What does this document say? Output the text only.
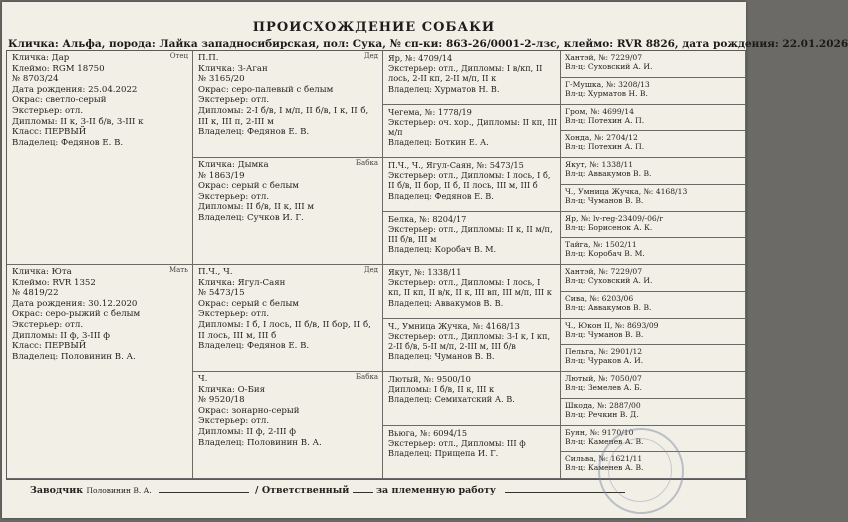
ПРОИСХОЖДЕНИЕ СОБАКИ
Кличка: Альфа, порода: Лайка западносибирская, пол: Сука, № сп-ки: 863-26/0001-2-лзс, клеймо: RVR 8826, дата рождения: 22.01.2026
Отец
Кличка: Дар
Клеймо: RGM 18750
№ 8703/24
Дата рождения: 25.04.2022
Окрас: светло-серый
Экстерьер: отл.
Дипломы: II к, 3-II б/в, 3-III к
Класс: ПЕРВЫЙ
Владелец: Федянов Е. В.
Мать
Кличка: Юта
Клеймо: RVR 1352
№ 4819/22
Дата рождения: 30.12.2020
Окрас: серо-рыжий с белым
Экстерьер: отл.
Дипломы: II ф, 3-III ф
Класс: ПЕРВЫЙ
Владелец: Половинин В. А.
Дед
П.П.
Кличка: З-Аган
№ 3165/20
Окрас: серо-палевый с белым
Экстерьер: отл.
Дипломы: 2-I б/в, I м/п, II б/в, I к, II б,
III к, III п, 2-III м
Владелец: Федянов Е. В.
Бабка
Кличка: Дымка
№ 1863/19
Окрас: серый с белым
Экстерьер: отл.
Дипломы: II б/в, II к, III м
Владелец: Сучков И. Г.
Дед
П.Ч., Ч.
Кличка: Ягул-Саян
№ 5473/15
Окрас: серый с белым
Экстерьер: отл.
Дипломы: I б, I лось, II б/в, II бор, II б,
II лось, III м, III б
Владелец: Федянов Е. В.
Бабка
Ч.
Кличка: О-Бия
№ 9520/18
Окрас: зонарно-серый
Экстерьер: отл.
Дипломы: II ф, 2-III ф
Владелец: Половинин В. А.
Яр, №: 4709/14
Экстерьер: отл., Дипломы: I в/кп, II
лось, 2-II кп, 2-II м/п, II к
Владелец: Хурматов Н. В.
Чегема, №: 1778/19
Экстерьер: оч. хор., Дипломы: II кп, III
м/п
Владелец: Боткин Е. А.
П.Ч., Ч., Ягул-Саян, №: 5473/15
Экстерьер: отл., Дипломы: I лось, I б,
II б/в, II бор, II б, II лось, III м, III б
Владелец: Федянов Е. В.
Белка, №: 8204/17
Экстерьер: отл., Дипломы: II к, II м/п,
III б/в, III м
Владелец: Коробач В. М.
Якут, №: 1338/11
Экстерьер: отл., Дипломы: I лось, I
кп, II кп, II в/к, II к, III вп, III м/п, III к
Владелец: Аввакумов В. В.
Ч., Умница Жучка, №: 4168/13
Экстерьер: отл., Дипломы: 3-I к, I кп,
2-II б/в, 5-II м/п, 2-III м, III б/в
Владелец: Чуманов В. В.
Лютый, №: 9500/10
Дипломы: I б/в, II к, III к
Владелец: Семихатский А. В.
Вьюга, №: 6094/15
Экстерьер: отл., Дипломы: III ф
Владелец: Прищепа И. Г.
Хантэй, №: 7229/07
Вл-ц: Суховский А. И.
Г-Мушка, №: 3208/13
Вл-ц: Хурматов Н. В.
Гром, №: 4699/14
Вл-ц: Потехин А. П.
Хонда, №: 2704/12
Вл-ц: Потехин А. П.
Якут, №: 1338/11
Вл-ц: Аввакумов В. В.
Ч., Умница Жучка, №: 4168/13
Вл-ц: Чуманов В. В.
Яр, №: lv-reg-23409/-06/г
Вл-ц: Борисенок А. К.
Тайга, №: 1502/11
Вл-ц: Коробач В. М.
Хантэй, №: 7229/07
Вл-ц: Суховский А. И.
Сива, №: 6203/06
Вл-ц: Аввакумов В. В.
Ч., Юкон II, №: 8693/09
Вл-ц: Чуманов В. В.
Пельга, №: 2901/12
Вл-ц: Чураков А. И.
Лютый, №: 7050/07
Вл-ц: Земелев А. Б.
Шкода, №: 2887/00
Вл-ц: Речкин В. Д.
Буян, №: 9170/10
Вл-ц: Каменев А. В.
Сильва, №: 1621/11
Вл-ц: Каменев А. В.
Заводчик Половинин В. А.	/ Ответственный	за племенную работу
